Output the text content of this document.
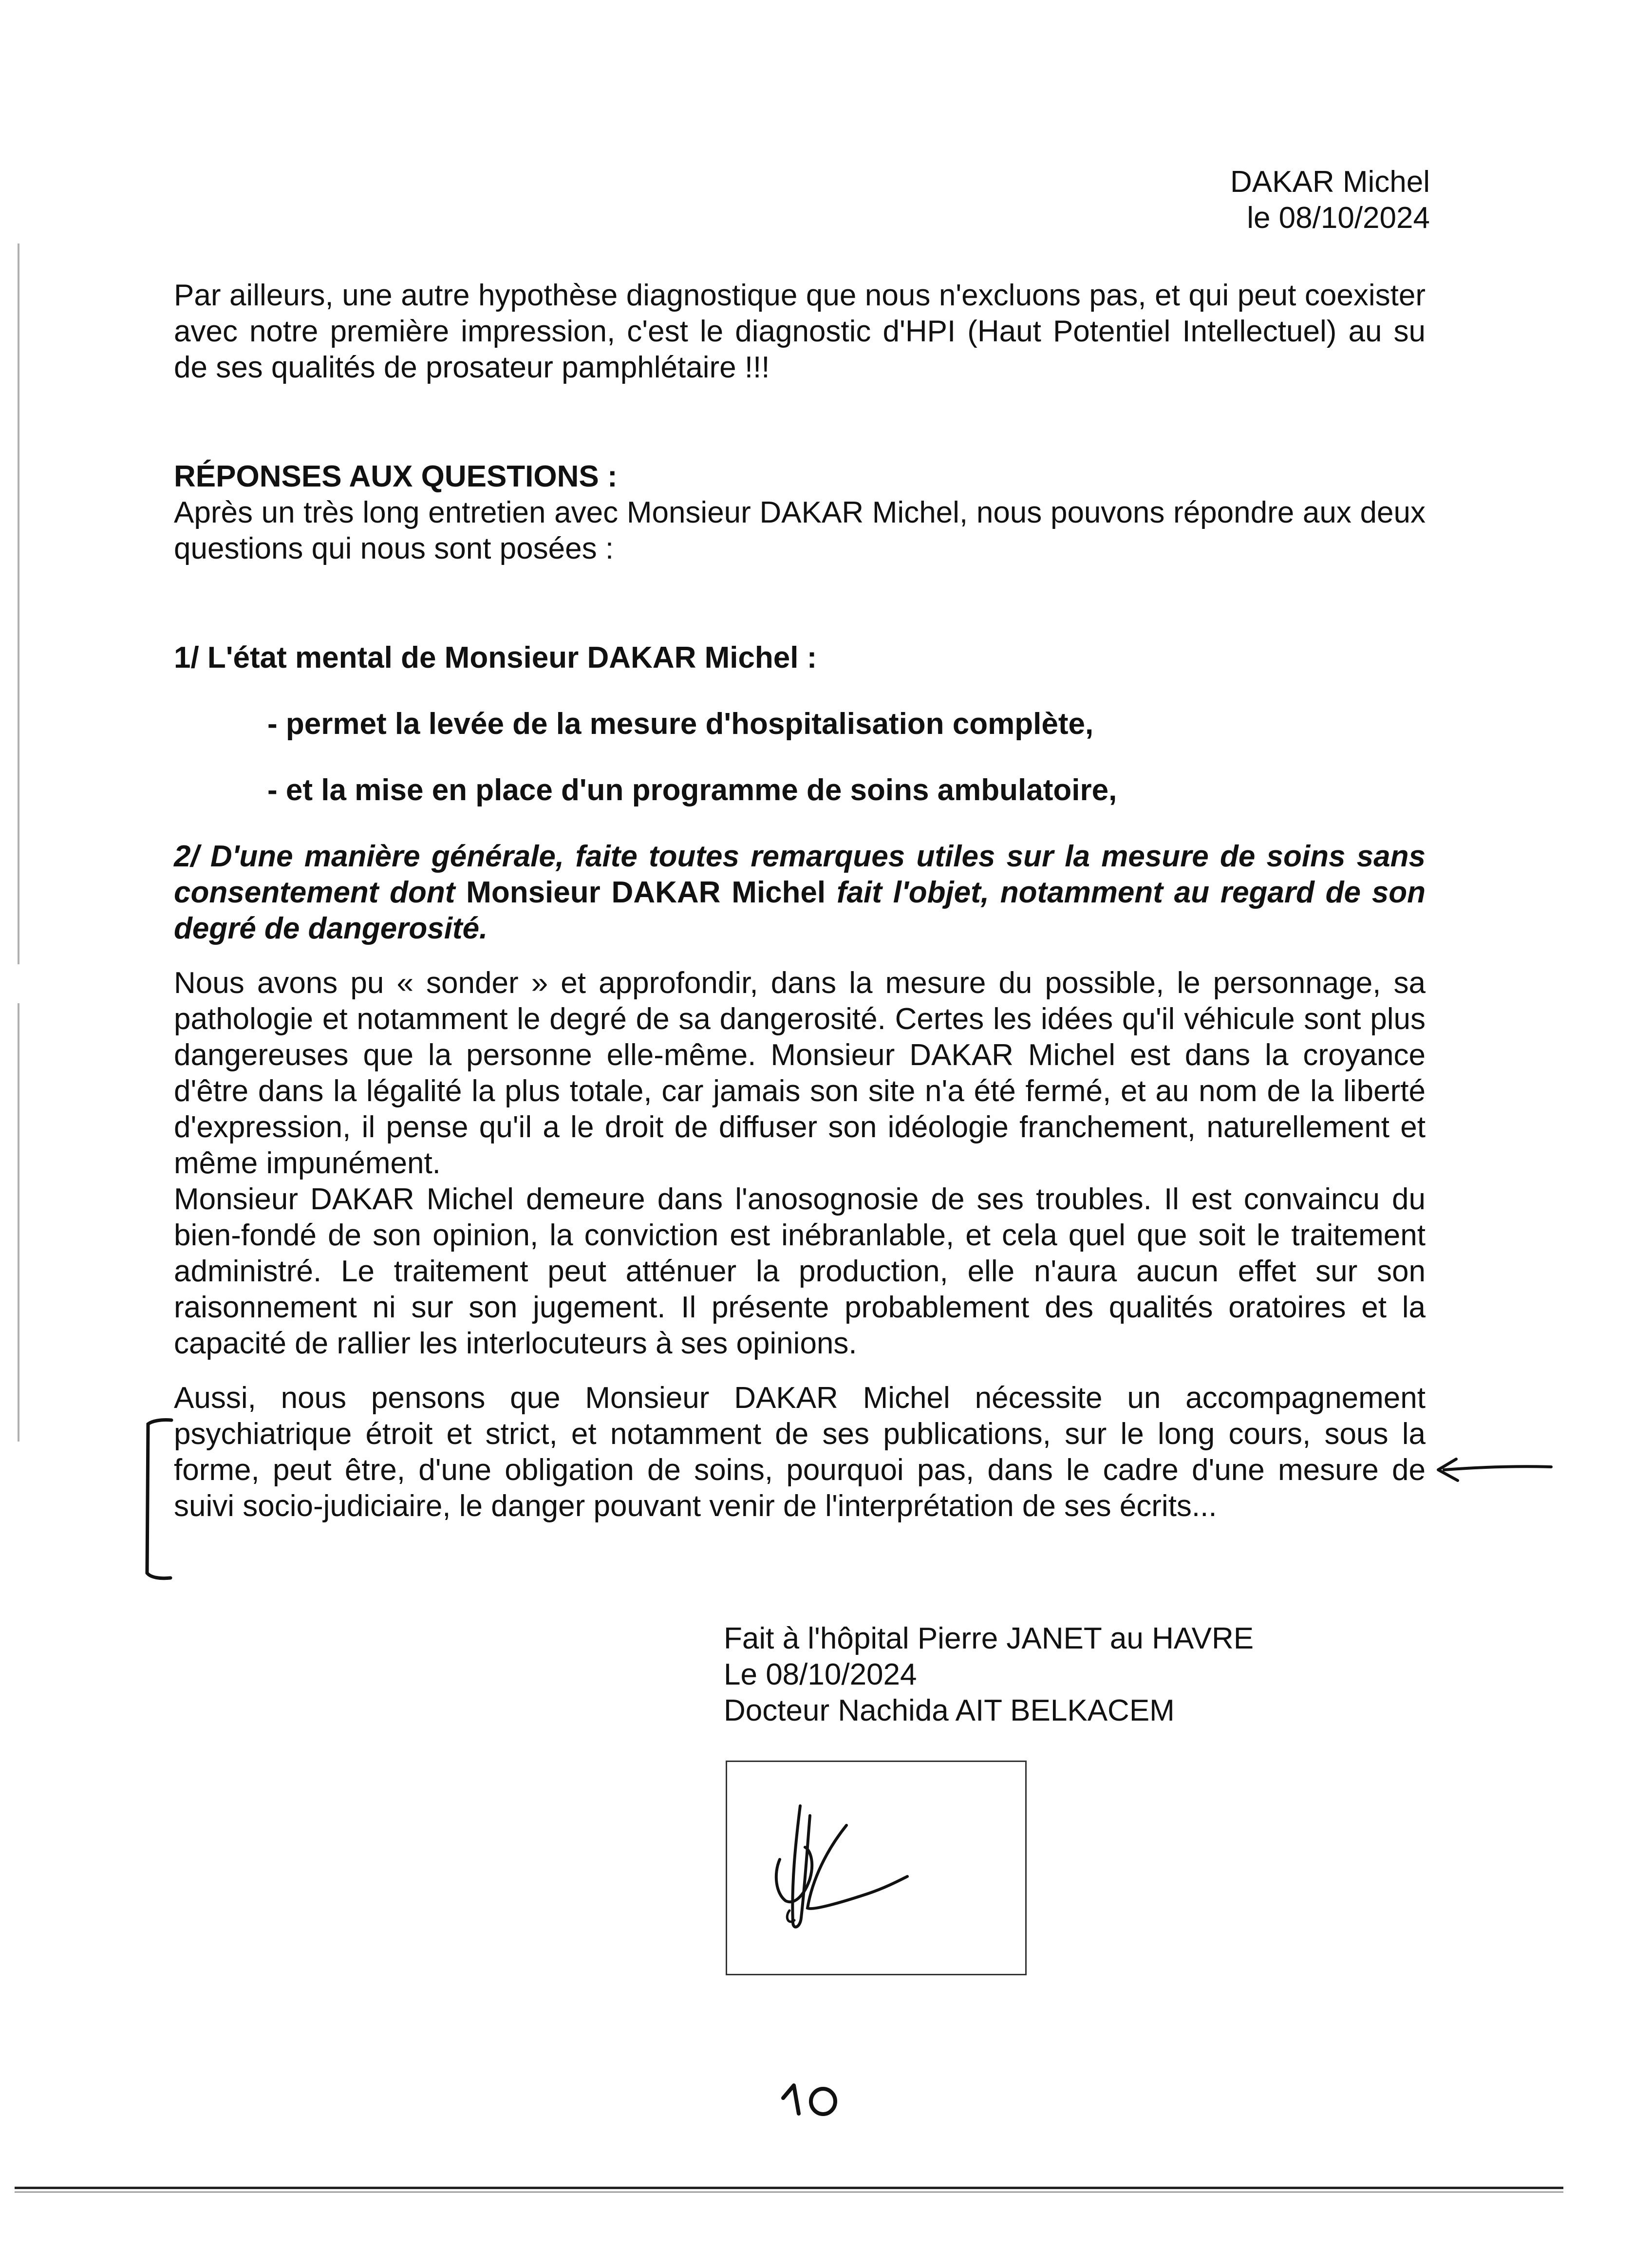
DAKAR Michel
le 08/10/2024

Par ailleurs, une autre hypothèse diagnostique que nous n'excluons pas, et qui peut coexister avec notre première impression, c'est le diagnostic d'HPI (Haut Potentiel Intellectuel) au su de ses qualités de prosateur pamphlétaire !!!

RÉPONSES AUX QUESTIONS :

Après un très long entretien avec Monsieur DAKAR Michel, nous pouvons répondre aux deux questions qui nous sont posées :

1/ L'état mental de Monsieur DAKAR Michel :
- permet la levée de la mesure d'hospitalisation complète,
- et la mise en place d'un programme de soins ambulatoire,

2/ D'une manière générale, faite toutes remarques utiles sur la mesure de soins sans consentement dont Monsieur DAKAR Michel fait l'objet, notamment au regard de son degré de dangerosité.

Nous avons pu « sonder » et approfondir, dans la mesure du possible, le personnage, sa pathologie et notamment le degré de sa dangerosité. Certes les idées qu'il véhicule sont plus dangereuses que la personne elle-même. Monsieur DAKAR Michel est dans la croyance d'être dans la légalité la plus totale, car jamais son site n'a été fermé, et au nom de la liberté d'expression, il pense qu'il a le droit de diffuser son idéologie franchement, naturellement et même impunément.

Monsieur DAKAR Michel demeure dans l'anosognosie de ses troubles. Il est convaincu du bien-fondé de son opinion, la conviction est inébranlable, et cela quel que soit le traitement administré. Le traitement peut atténuer la production, elle n'aura aucun effet sur son raisonnement ni sur son jugement. Il présente probablement des qualités oratoires et la capacité de rallier les interlocuteurs à ses opinions.

Aussi, nous pensons que Monsieur DAKAR Michel nécessite un accompagnement psychiatrique étroit et strict, et notamment de ses publications, sur le long cours, sous la forme, peut être, d'une obligation de soins, pourquoi pas, dans le cadre d'une mesure de suivi socio-judiciaire, le danger pouvant venir de l'interprétation de ses écrits...

Fait à l'hôpital Pierre JANET au HAVRE
Le 08/10/2024
Docteur Nachida AIT BELKACEM
